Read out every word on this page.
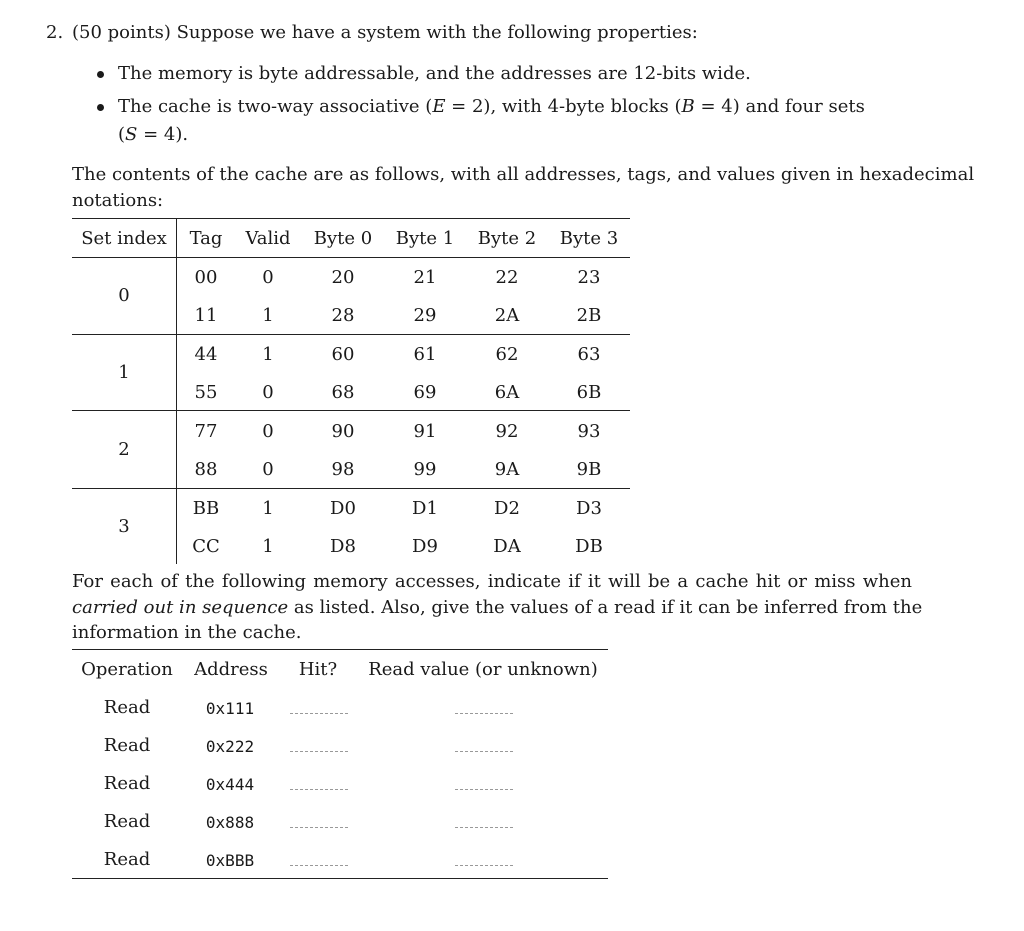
2. (50 points) Suppose we have a system with the following properties:
The memory is byte addressable, and the addresses are 12-bits wide.
The cache is two-way associative (E = 2), with 4-byte blocks (B = 4) and four sets
(S = 4).
The contents of the cache are as follows, with all addresses, tags, and values given in hexadecimal
notations:
Set index Tag Valid Byte 0 Byte 1 Byte 2 Byte 3
0
00 0	20	21	22	23
11 1	28	29	2A	2B
1
44 1	60	61	62	63
55 0	68	69	6A	6B
2
77 0	90	91	92	93
88 0	98	99	9A	9B
3
BB 1	D0	D1	D2	D3
CC 1	D8	D9	DA	DB
For each of the following memory accesses, indicate if it will be a cache hit or miss when
carried out in sequence as listed. Also, give the values of a read if it can be inferred from the
information in the cache.
Operation Address Hit? Read value (or unknown)
Read	0x111
Read	0x222
Read	0x444
Read	0x888
Read	0xBBB
